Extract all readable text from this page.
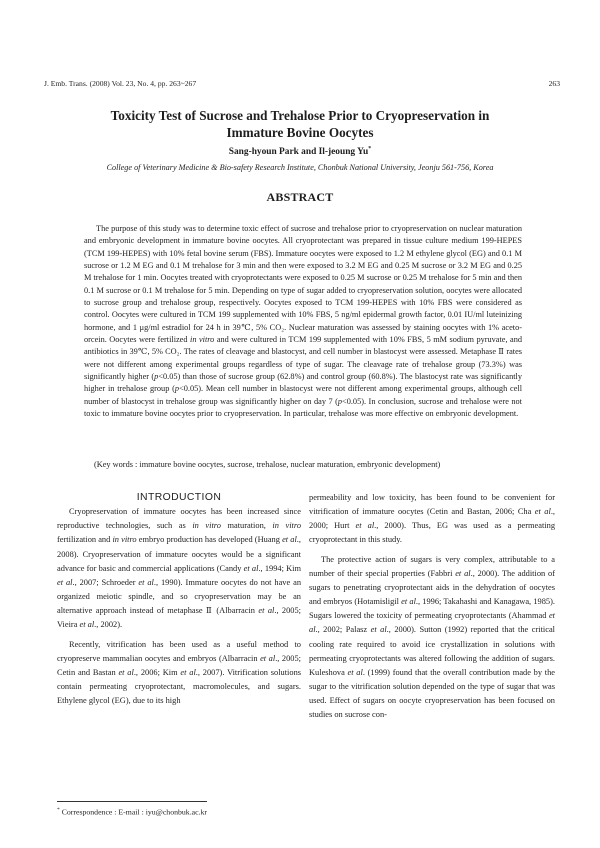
J. Emb. Trans. (2008) Vol. 23, No. 4, pp. 263~267	263
Toxicity Test of Sucrose and Trehalose Prior to Cryopreservation in
Immature Bovine Oocytes
Sang-hyoun Park and Il-jeoung Yu*
College of Veterinary Medicine & Bio-safety Research Institute, Chonbuk National University, Jeonju 561-756, Korea
ABSTRACT

The purpose of this study was to determine toxic effect of sucrose and trehalose prior to cryopreservation on nuclear maturation and embryonic development in immature bovine oocytes. All cryoprotectant was prepared in tissue culture medium 199-HEPES (TCM 199-HEPES) with 10% fetal bovine serum (FBS). Immature oocytes were exposed to 1.2 M ethylene glycol (EG) and 0.1 M sucrose or 1.2 M EG and 0.1 M trehalose for 3 min and then were exposed to 3.2 M EG and 0.25 M sucrose or 3.2 M EG and 0.25 M trehalose for 1 min. Oocytes treated with cryoprotectants were exposed to 0.25 M sucrose or 0.25 M trehalose for 5 min and then 0.1 M sucrose or 0.1 M trehalose for 5 min. Depending on type of sugar added to cryopreservation solution, oocytes were allocated to sucrose group and trehalose group, respectively. Oocytes exposed to TCM 199-HEPES with 10% FBS were considered as control. Oocytes were cultured in TCM 199 supplemented with 10% FBS, 5 ng/ml epidermal growth factor, 0.01 IU/ml luteinizing hormone, and 1 μg/ml estradiol for 24 h in 39℃, 5% CO₂. Nuclear maturation was assessed by staining oocytes with 1% aceto-orcein. Oocytes were fertilized in vitro and were cultured in TCM 199 supplemented with 10% FBS, 5 mM sodium pyruvate, and antibiotics in 39℃, 5% CO₂. The rates of cleavage and blastocyst, and cell number in blastocyst were assessed. Metaphase Ⅱ rates were not different among experimental groups regardless of type of sugar. The cleavage rate of trehalose group (73.3%) was significantly higher (p<0.05) than those of sucrose group (62.8%) and control group (60.8%). The blastocyst rate was significantly higher in trehalose group (p<0.05). Mean cell number in blastocyst were not different among experimental groups, although cell number of blastocyst in trehalose group was significantly higher on day 7 (p<0.05). In conclusion, sucrose and trehalose were not toxic to immature bovine oocytes prior to cryopreservation. In particular, trehalose was more effective on embryonic development.

(Key words : immature bovine oocytes, sucrose, trehalose, nuclear maturation, embryonic development)

INTRODUCTION

Cryopreservation of immature oocytes has been increased since reproductive technologies, such as in vitro maturation, in vitro fertilization and in vitro embryo production has developed (Huang et al., 2008). Cryopreservation of immature oocytes would be a significant advance for basic and commercial applications (Candy et al., 1994; Kim et al., 2007; Schroeder et al., 1990). Immature oocytes do not have an organized meiotic spindle, and so cryopreservation may be an alternative approach instead of metaphase Ⅱ (Albarracin et al., 2005; Vieira et al., 2002).

Recently, vitrification has been used as a useful method to cryopreserve mammalian oocytes and embryos (Albarracin et al., 2005; Cetin and Bastan et al., 2006; Kim et al., 2007). Vitrification solutions contain permeating cryoprotectant, macromolecules, and sugars. Ethylene glycol (EG), due to its high

permeability and low toxicity, has been found to be convenient for vitrification of immature oocytes (Cetin and Bastan, 2006; Cha et al., 2000; Hurt et al., 2000). Thus, EG was used as a permeating cryoprotectant in this study.

The protective action of sugars is very complex, attributable to a number of their special properties (Fabbri et al., 2000). The addition of sugars to penetrating cryoprotectant aids in the dehydration of oocytes and embryos (Hotamisligil et al., 1996; Takahashi and Kanagawa, 1985). Sugars lowered the toxicity of permeating cryoprotectants (Ahammad et al., 2002; Palasz et al., 2000). Sutton (1992) reported that the critical cooling rate required to avoid ice crystallization in solutions with permeating cryoprotectants was altered following the addition of sugars. Kuleshova et al. (1999) found that the overall contribution made by the sugar to the vitrification solution depended on the type of sugar that was used. Effect of sugars on oocyte cryopreservation has been focused on studies on sucrose con-

* Correspondence : E-mail : iyu@chonbuk.ac.kr
